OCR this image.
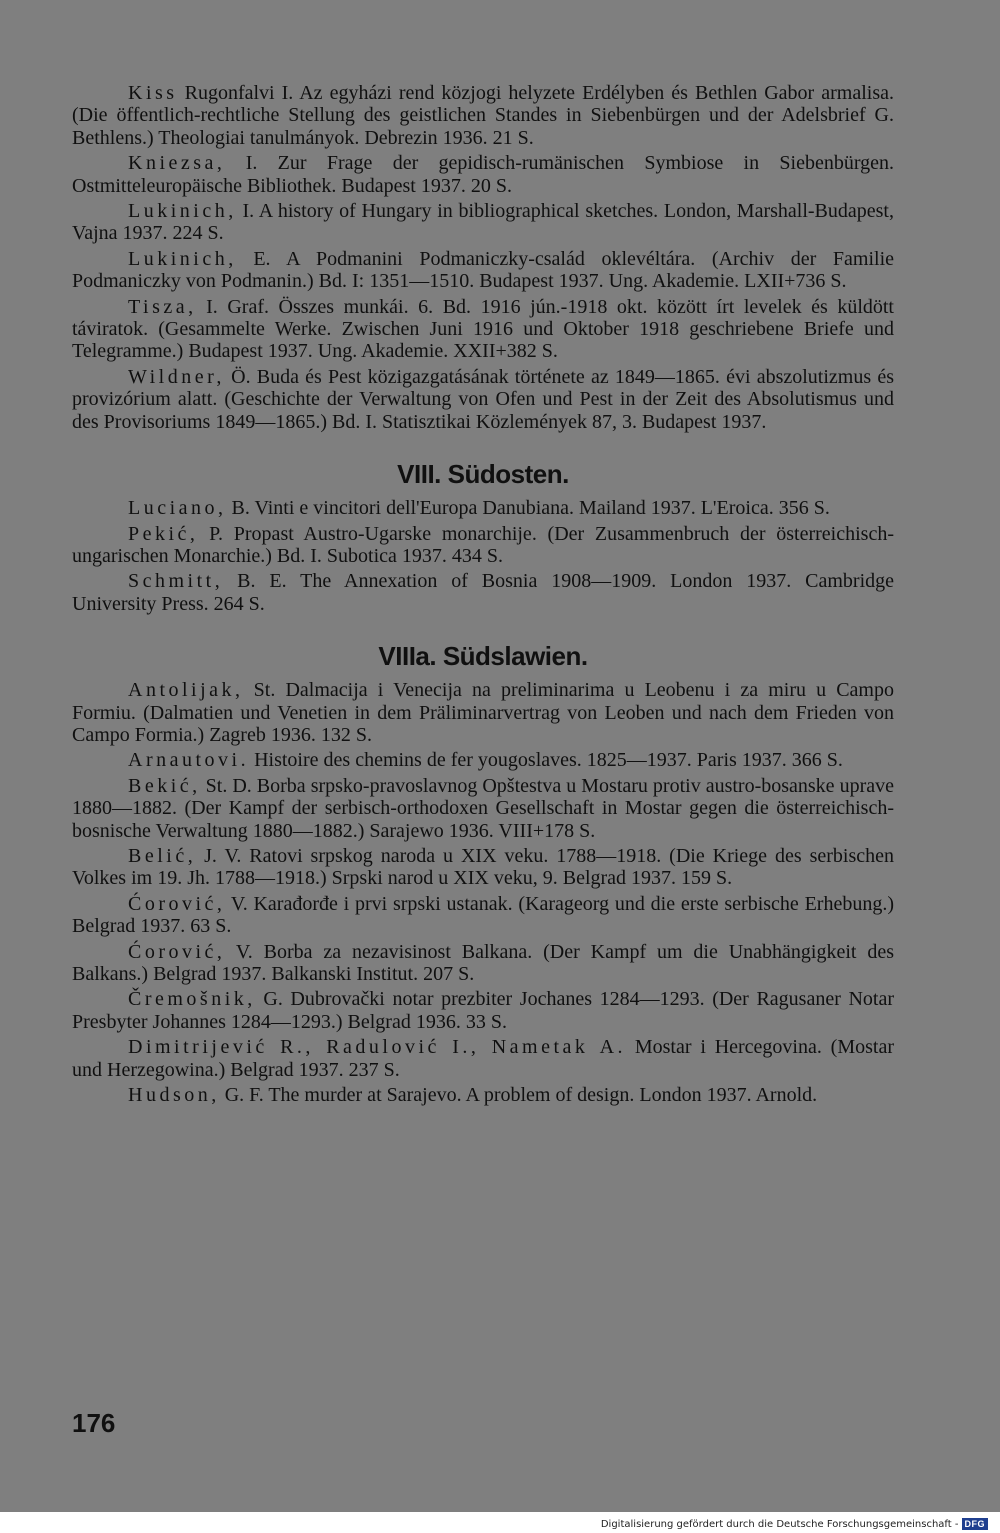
Kiss Rugonfalvi I. Az egyházi rend közjogi helyzete Erdélyben és Bethlen Gabor armalisa. (Die öffentlich-rechtliche Stellung des geistlichen Standes in Siebenbürgen und der Adelsbrief G. Bethlens.) Theologiai tanulmányok. Debrezin 1936. 21 S.

Kniezsa, I. Zur Frage der gepidisch-rumänischen Symbiose in Siebenbürgen. Ostmitteleuropäische Bibliothek. Budapest 1937. 20 S.

Lukinich, I. A history of Hungary in bibliographical sketches. London, Marshall-Budapest, Vajna 1937. 224 S.

Lukinich, E. A Podmanini Podmaniczky-család oklevéltára. (Archiv der Familie Podmaniczky von Podmanin.) Bd. I: 1351—1510. Budapest 1937. Ung. Akademie. LXII+736 S.

Tisza, I. Graf. Összes munkái. 6. Bd. 1916 jún.-1918 okt. között írt levelek és küldött táviratok. (Gesammelte Werke. Zwischen Juni 1916 und Oktober 1918 geschriebene Briefe und Telegramme.) Budapest 1937. Ung. Akademie. XXII+382 S.

Wildner, Ö. Buda és Pest közigazgatásának története az 1849—1865. évi abszolutizmus és provizórium alatt. (Geschichte der Verwaltung von Ofen und Pest in der Zeit des Absolutismus und des Provisoriums 1849—1865.) Bd. I. Statisztikai Közlemények 87, 3. Budapest 1937.

VIII. Südosten.

Luciano, B. Vinti e vincitori dell'Europa Danubiana. Mailand 1937. L'Eroica. 356 S.

Pekić, P. Propast Austro-Ugarske monarchije. (Der Zusammenbruch der österreichisch-ungarischen Monarchie.) Bd. I. Subotica 1937. 434 S.

Schmitt, B. E. The Annexation of Bosnia 1908—1909. London 1937. Cambridge University Press. 264 S.

VIIIa. Südslawien.

Antolijak, St. Dalmacija i Venecija na preliminarima u Leobenu i za miru u Campo Formiu. (Dalmatien und Venetien in dem Präliminarvertrag von Leoben und nach dem Frieden von Campo Formia.) Zagreb 1936. 132 S.

Arnautovi. Histoire des chemins de fer yougoslaves. 1825—1937. Paris 1937. 366 S.

Bekić, St. D. Borba srpsko-pravoslavnog Opštestva u Mostaru protiv austro-bosanske uprave 1880—1882. (Der Kampf der serbisch-orthodoxen Gesellschaft in Mostar gegen die österreichisch-bosnische Verwaltung 1880—1882.) Sarajewo 1936. VIII+178 S.

Belić, J. V. Ratovi srpskog naroda u XIX veku. 1788—1918. (Die Kriege des serbischen Volkes im 19. Jh. 1788—1918.) Srpski narod u XIX veku, 9. Belgrad 1937. 159 S.

Ćorović, V. Karađorđe i prvi srpski ustanak. (Karageorg und die erste serbische Erhebung.) Belgrad 1937. 63 S.

Ćorović, V. Borba za nezavisinost Balkana. (Der Kampf um die Unabhängigkeit des Balkans.) Belgrad 1937. Balkanski Institut. 207 S.

Čremošnik, G. Dubrovački notar prezbiter Jochanes 1284—1293. (Der Ragusaner Notar Presbyter Johannes 1284—1293.) Belgrad 1936. 33 S.

Dimitrijević R., Radulović I., Nametak A. Mostar i Hercegovina. (Mostar und Herzegowina.) Belgrad 1937. 237 S.

Hudson, G. F. The murder at Sarajevo. A problem of design. London 1937. Arnold.

176
Digitalisierung gefördert durch die Deutsche Forschungsgemeinschaft - DFG
